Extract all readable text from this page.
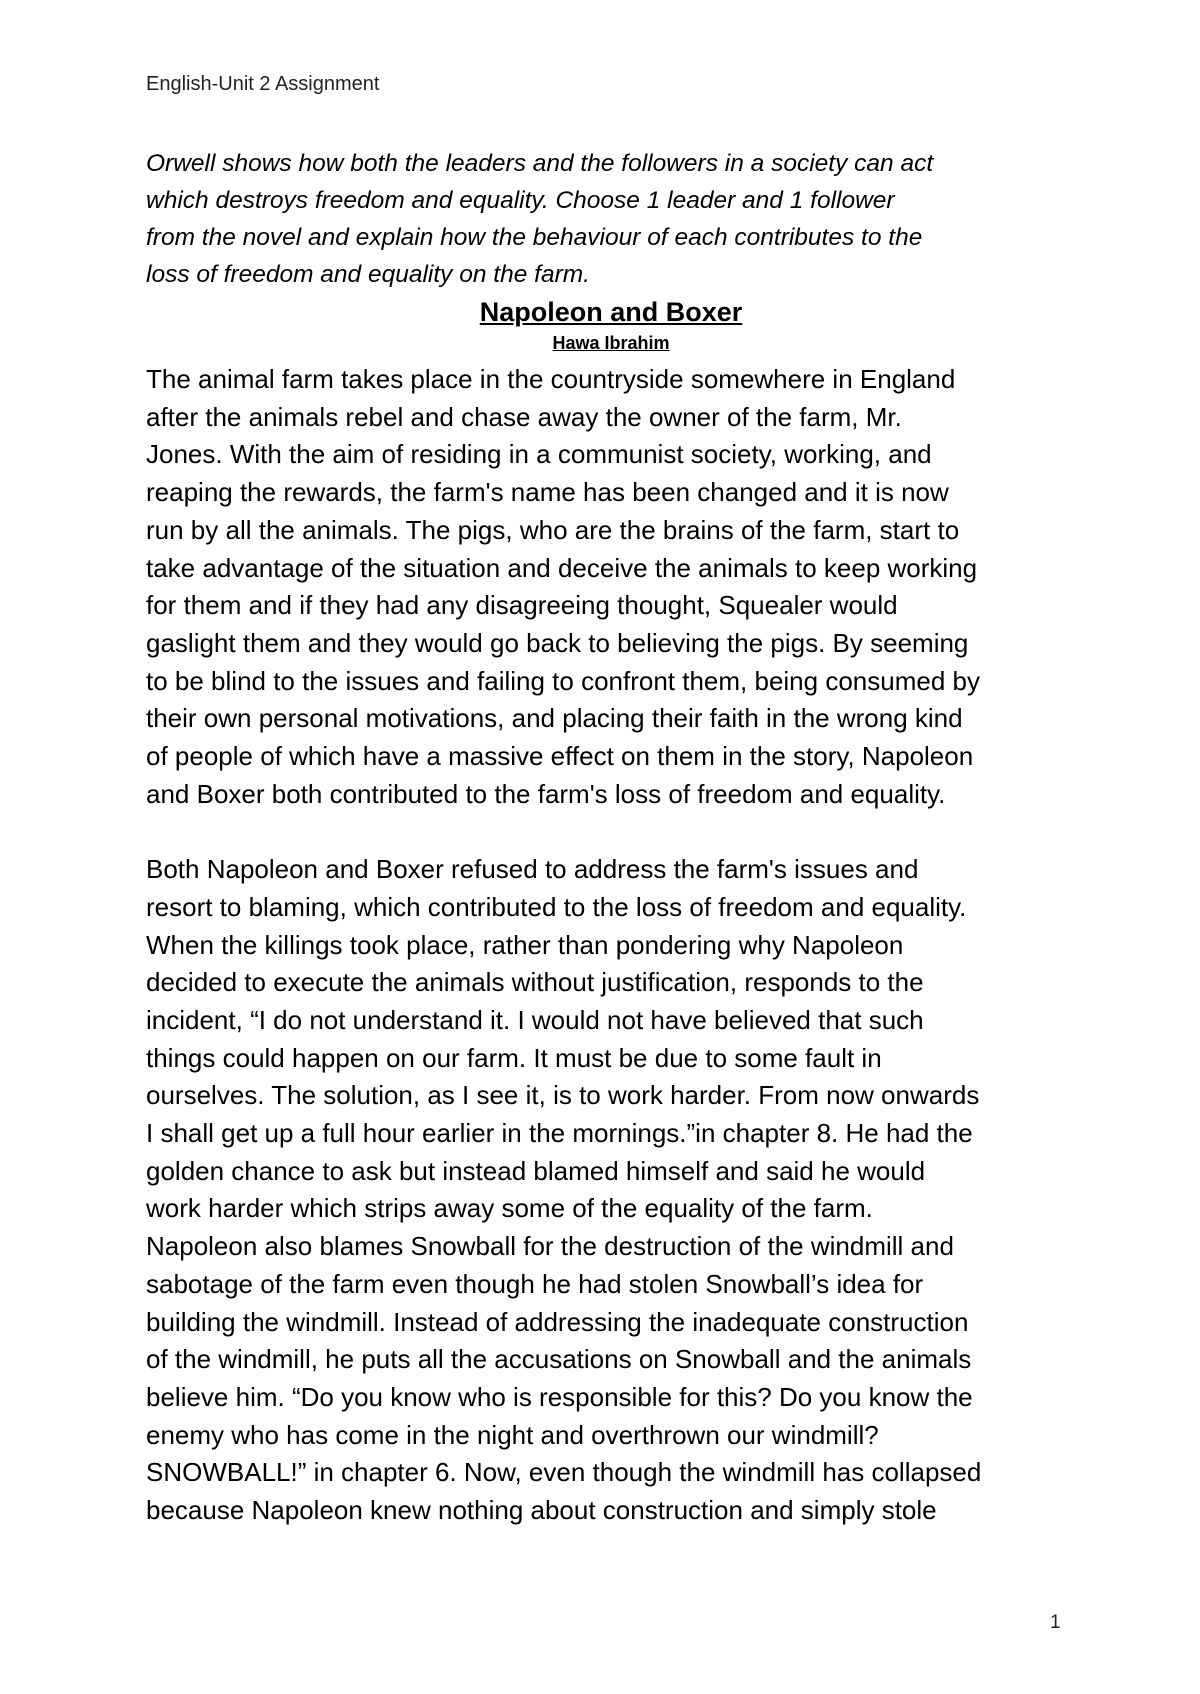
English-Unit 2 Assignment

Orwell shows how both the leaders and the followers in a society can act
which destroys freedom and equality. Choose 1 leader and 1 follower
from the novel and explain how the behaviour of each contributes to the
loss of freedom and equality on the farm.

Napoleon and Boxer
Hawa Ibrahim

The animal farm takes place in the countryside somewhere in England
after the animals rebel and chase away the owner of the farm, Mr.
Jones. With the aim of residing in a communist society, working, and
reaping the rewards, the farm's name has been changed and it is now
run by all the animals. The pigs, who are the brains of the farm, start to
take advantage of the situation and deceive the animals to keep working
for them and if they had any disagreeing thought, Squealer would
gaslight them and they would go back to believing the pigs. By seeming
to be blind to the issues and failing to confront them, being consumed by
their own personal motivations, and placing their faith in the wrong kind
of people of which have a massive effect on them in the story, Napoleon
and Boxer both contributed to the farm's loss of freedom and equality.

Both Napoleon and Boxer refused to address the farm's issues and
resort to blaming, which contributed to the loss of freedom and equality.
When the killings took place, rather than pondering why Napoleon
decided to execute the animals without justification, responds to the
incident, “I do not understand it. I would not have believed that such
things could happen on our farm. It must be due to some fault in
ourselves. The solution, as I see it, is to work harder. From now onwards
I shall get up a full hour earlier in the mornings.”in chapter 8. He had the
golden chance to ask but instead blamed himself and said he would
work harder which strips away some of the equality of the farm.
Napoleon also blames Snowball for the destruction of the windmill and
sabotage of the farm even though he had stolen Snowball’s idea for
building the windmill. Instead of addressing the inadequate construction
of the windmill, he puts all the accusations on Snowball and the animals
believe him. “Do you know who is responsible for this? Do you know the
enemy who has come in the night and overthrown our windmill?
SNOWBALL!” in chapter 6. Now, even though the windmill has collapsed
because Napoleon knew nothing about construction and simply stole

1
